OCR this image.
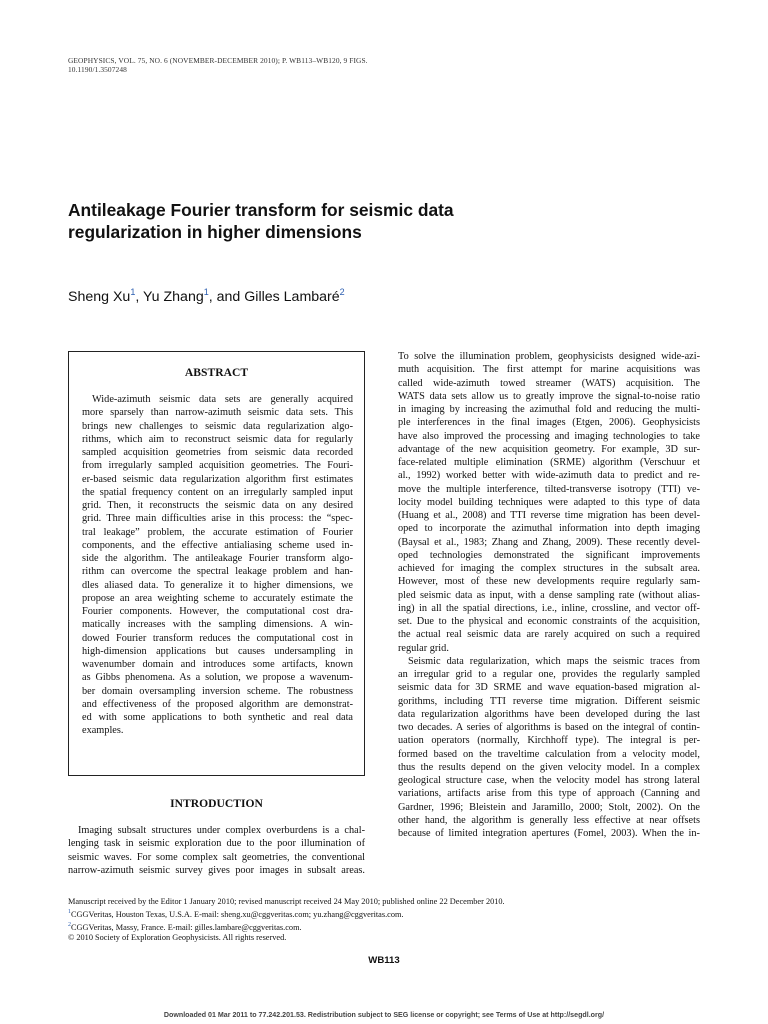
GEOPHYSICS, VOL. 75, NO. 6 (NOVEMBER-DECEMBER 2010); P. WB113–WB120, 9 FIGS.
10.1190/1.3507248
Antileakage Fourier transform for seismic data
regularization in higher dimensions
Sheng Xu$^1$, Yu Zhang$^1$, and Gilles Lambaré$^2$
ABSTRACT
Wide-azimuth seismic data sets are generally acquired
more sparsely than narrow-azimuth seismic data sets. This
brings new challenges to seismic data regularization algo-
rithms, which aim to reconstruct seismic data for regularly
sampled acquisition geometries from seismic data recorded
from irregularly sampled acquisition geometries. The Fouri-
er-based seismic data regularization algorithm first estimates
the spatial frequency content on an irregularly sampled input
grid. Then, it reconstructs the seismic data on any desired
grid. Three main difficulties arise in this process: the “spec-
tral leakage” problem, the accurate estimation of Fourier
components, and the effective antialiasing scheme used in-
side the algorithm. The antileakage Fourier transform algo-
rithm can overcome the spectral leakage problem and han-
dles aliased data. To generalize it to higher dimensions, we
propose an area weighting scheme to accurately estimate the
Fourier components. However, the computational cost dra-
matically increases with the sampling dimensions. A win-
dowed Fourier transform reduces the computational cost in
high-dimension applications but causes undersampling in
wavenumber domain and introduces some artifacts, known
as Gibbs phenomena. As a solution, we propose a wavenum-
ber domain oversampling inversion scheme. The robustness
and effectiveness of the proposed algorithm are demonstrat-
ed with some applications to both synthetic and real data
examples.
INTRODUCTION
Imaging subsalt structures under complex overburdens is a chal-
lenging task in seismic exploration due to the poor illumination of
seismic waves. For some complex salt geometries, the conventional
narrow-azimuth seismic survey gives poor images in subsalt areas.
To solve the illumination problem, geophysicists designed wide-azi-
muth acquisition. The first attempt for marine acquisitions was
called wide-azimuth towed streamer (WATS) acquisition. The
WATS data sets allow us to greatly improve the signal-to-noise ratio
in imaging by increasing the azimuthal fold and reducing the multi-
ple interferences in the final images (Etgen, 2006). Geophysicists
have also improved the processing and imaging technologies to take
advantage of the new acquisition geometry. For example, 3D sur-
face-related multiple elimination (SRME) algorithm (Verschuur et
al., 1992) worked better with wide-azimuth data to predict and re-
move the multiple interference, tilted-transverse isotropy (TTI) ve-
locity model building techniques were adapted to this type of data
(Huang et al., 2008) and TTI reverse time migration has been devel-
oped to incorporate the azimuthal information into depth imaging
(Baysal et al., 1983; Zhang and Zhang, 2009). These recently devel-
oped technologies demonstrated the significant improvements
achieved for imaging the complex structures in the subsalt area.
However, most of these new developments require regularly sam-
pled seismic data as input, with a dense sampling rate (without alias-
ing) in all the spatial directions, i.e., inline, crossline, and vector off-
set. Due to the physical and economic constraints of the acquisition,
the actual real seismic data are rarely acquired on such a required
regular grid.
Seismic data regularization, which maps the seismic traces from
an irregular grid to a regular one, provides the regularly sampled
seismic data for 3D SRME and wave equation-based migration al-
gorithms, including TTI reverse time migration. Different seismic
data regularization algorithms have been developed during the last
two decades. A series of algorithms is based on the integral of contin-
uation operators (normally, Kirchhoff type). The integral is per-
formed based on the traveltime calculation from a velocity model,
thus the results depend on the given velocity model. In a complex
geological structure case, when the velocity model has strong lateral
variations, artifacts arise from this type of approach (Canning and
Gardner, 1996; Bleistein and Jaramillo, 2000; Stolt, 2002). On the
other hand, the algorithm is generally less effective at near offsets
because of limited integration apertures (Fomel, 2003). When the in-
Manuscript received by the Editor 1 January 2010; revised manuscript received 24 May 2010; published online 22 December 2010.
$^1$CGGVeritas, Houston Texas, U.S.A. E-mail: sheng.xu@cggveritas.com; yu.zhang@cggveritas.com.
$^2$CGGVeritas, Massy, France. E-mail: gilles.lambare@cggveritas.com.
© 2010 Society of Exploration Geophysicists. All rights reserved.
WB113
Downloaded 01 Mar 2011 to 77.242.201.53. Redistribution subject to SEG license or copyright; see Terms of Use at http://segdl.org/
